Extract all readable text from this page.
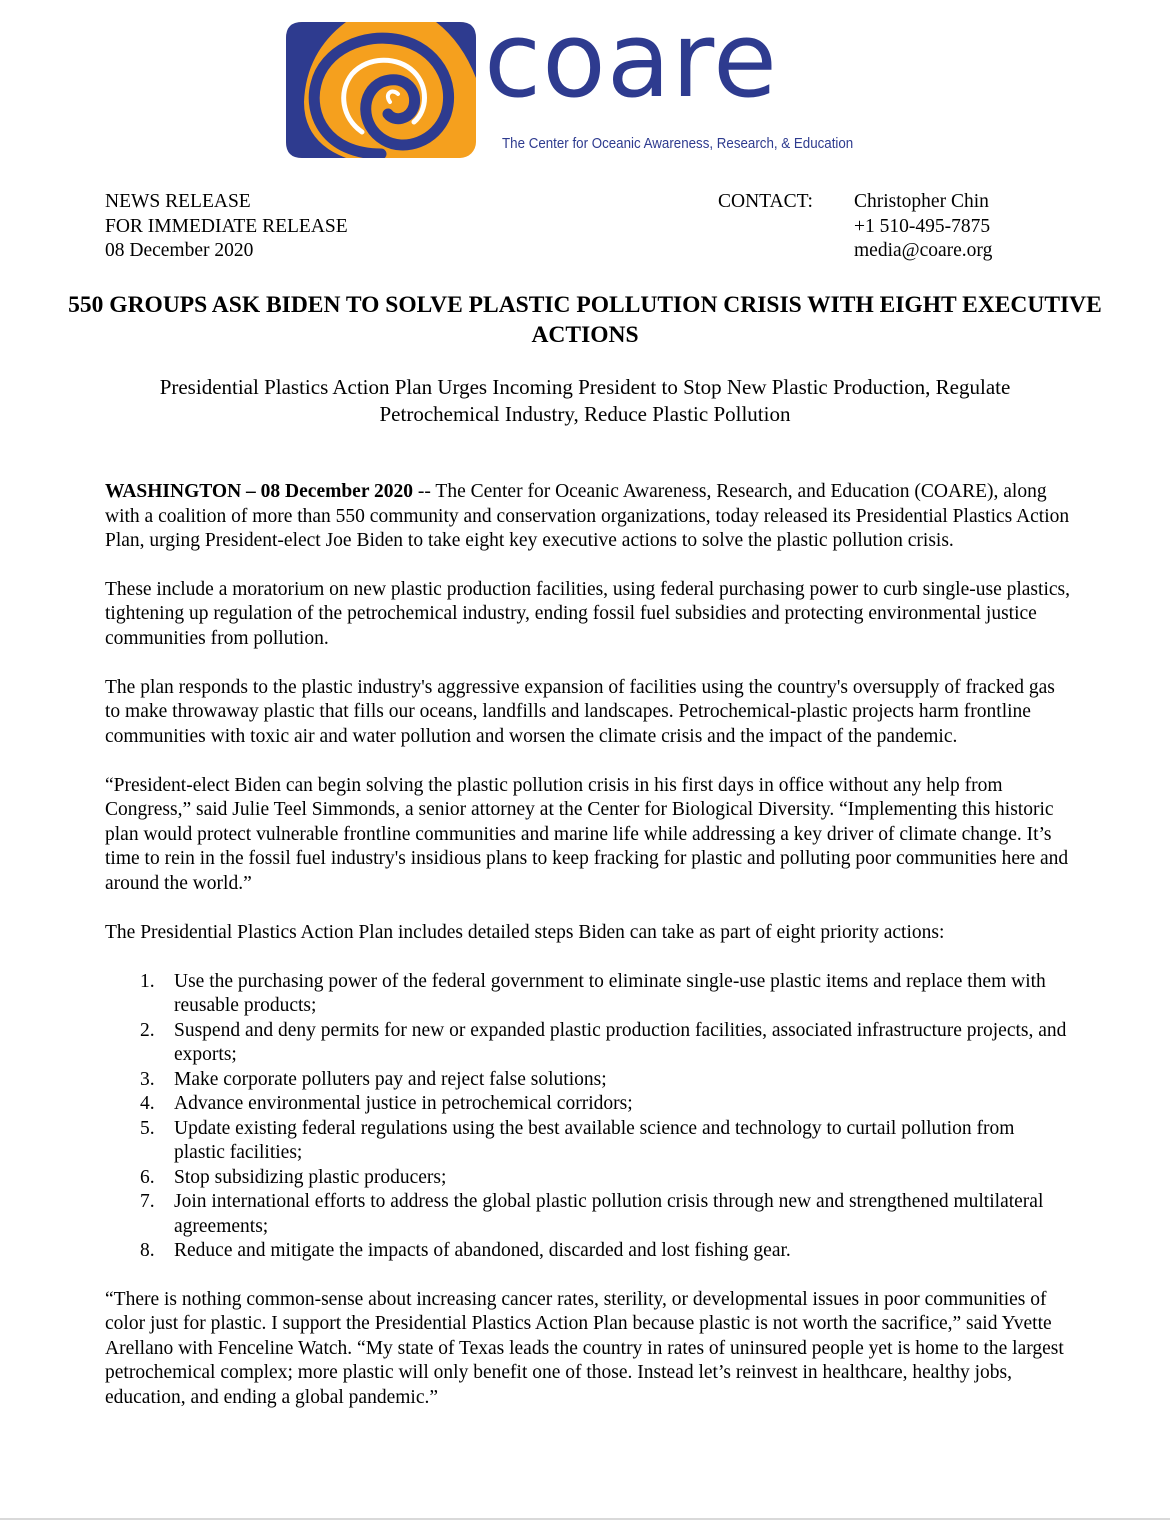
coare
The Center for Oceanic Awareness, Research, & Education
NEWS RELEASE
FOR IMMEDIATE RELEASE
08 December 2020
CONTACT: Christopher Chin
+1 510-495-7875
media@coare.org
550 GROUPS ASK BIDEN TO SOLVE PLASTIC POLLUTION CRISIS WITH EIGHT EXECUTIVE ACTIONS
Presidential Plastics Action Plan Urges Incoming President to Stop New Plastic Production, Regulate Petrochemical Industry, Reduce Plastic Pollution

WASHINGTON – 08 December 2020 -- The Center for Oceanic Awareness, Research, and Education (COARE), along with a coalition of more than 550 community and conservation organizations, today released its Presidential Plastics Action Plan, urging President-elect Joe Biden to take eight key executive actions to solve the plastic pollution crisis.

These include a moratorium on new plastic production facilities, using federal purchasing power to curb single-use plastics, tightening up regulation of the petrochemical industry, ending fossil fuel subsidies and protecting environmental justice communities from pollution.

The plan responds to the plastic industry's aggressive expansion of facilities using the country's oversupply of fracked gas to make throwaway plastic that fills our oceans, landfills and landscapes. Petrochemical-plastic projects harm frontline communities with toxic air and water pollution and worsen the climate crisis and the impact of the pandemic.

“President-elect Biden can begin solving the plastic pollution crisis in his first days in office without any help from Congress,” said Julie Teel Simmonds, a senior attorney at the Center for Biological Diversity. “Implementing this historic plan would protect vulnerable frontline communities and marine life while addressing a key driver of climate change. It’s time to rein in the fossil fuel industry's insidious plans to keep fracking for plastic and polluting poor communities here and around the world.”

The Presidential Plastics Action Plan includes detailed steps Biden can take as part of eight priority actions:

1. Use the purchasing power of the federal government to eliminate single-use plastic items and replace them with reusable products;
2. Suspend and deny permits for new or expanded plastic production facilities, associated infrastructure projects, and exports;
3. Make corporate polluters pay and reject false solutions;
4. Advance environmental justice in petrochemical corridors;
5. Update existing federal regulations using the best available science and technology to curtail pollution from plastic facilities;
6. Stop subsidizing plastic producers;
7. Join international efforts to address the global plastic pollution crisis through new and strengthened multilateral agreements;
8. Reduce and mitigate the impacts of abandoned, discarded and lost fishing gear.

“There is nothing common-sense about increasing cancer rates, sterility, or developmental issues in poor communities of color just for plastic. I support the Presidential Plastics Action Plan because plastic is not worth the sacrifice,” said Yvette Arellano with Fenceline Watch. “My state of Texas leads the country in rates of uninsured people yet is home to the largest petrochemical complex; more plastic will only benefit one of those. Instead let’s reinvest in healthcare, healthy jobs, education, and ending a global pandemic.”
